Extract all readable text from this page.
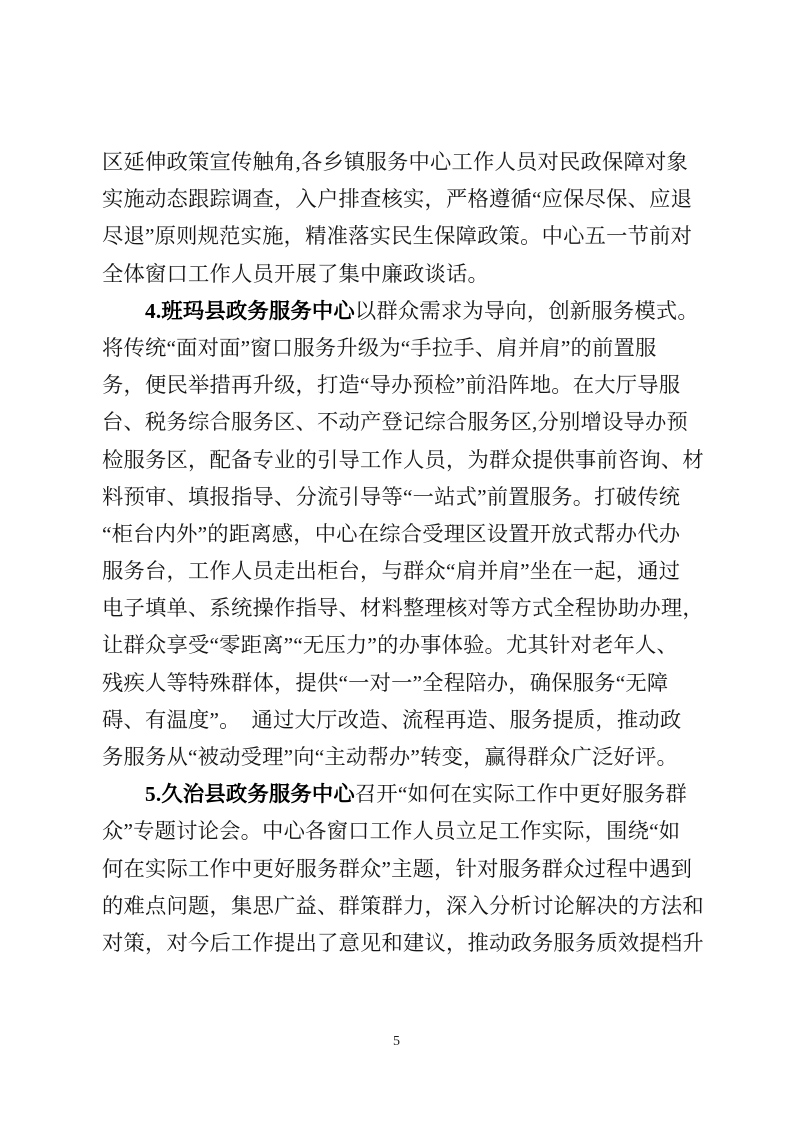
区延伸政策宣传触角,各乡镇服务中心工作人员对民政保障对象
实施动态跟踪调查，入户排查核实，严格遵循“应保尽保、应退
尽退”原则规范实施，精准落实民生保障政策。中心五一节前对
全体窗口工作人员开展了集中廉政谈话。
4.班玛县政务服务中心以群众需求为导向，创新服务模式。
将传统“面对面”窗口服务升级为“手拉手、肩并肩”的前置服
务，便民举措再升级，打造“导办预检”前沿阵地。在大厅导服
台、税务综合服务区、不动产登记综合服务区,分别增设导办预
检服务区，配备专业的引导工作人员，为群众提供事前咨询、材
料预审、填报指导、分流引导等“一站式”前置服务。打破传统
“柜台内外”的距离感，中心在综合受理区设置开放式帮办代办
服务台，工作人员走出柜台，与群众“肩并肩”坐在一起，通过
电子填单、系统操作指导、材料整理核对等方式全程协助办理，
让群众享受“零距离”“无压力”的办事体验。尤其针对老年人、
残疾人等特殊群体，提供“一对一”全程陪办，确保服务“无障
碍、有温度”。　通过大厅改造、流程再造、服务提质，推动政
务服务从“被动受理”向“主动帮办”转变，赢得群众广泛好评。
5.久治县政务服务中心召开“如何在实际工作中更好服务群
众”专题讨论会。中心各窗口工作人员立足工作实际，围绕“如
何在实际工作中更好服务群众”主题，针对服务群众过程中遇到
的难点问题，集思广益、群策群力，深入分析讨论解决的方法和
对策，对今后工作提出了意见和建议，推动政务服务质效提档升
5
